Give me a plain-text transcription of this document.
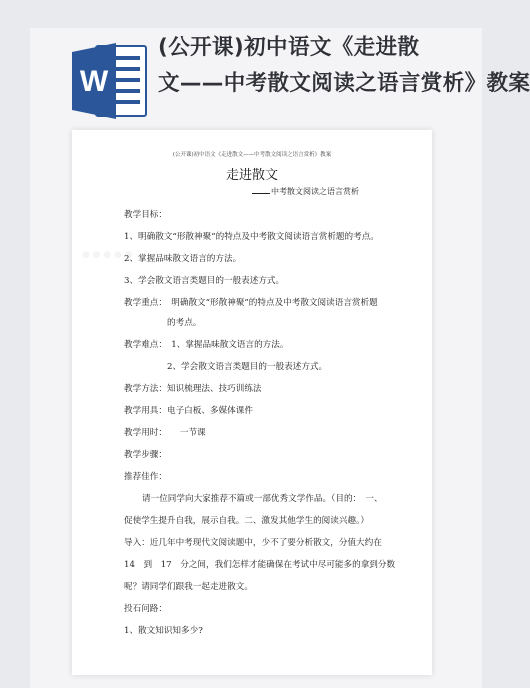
W
(公开课)初中语文《走进散
文——中考散文阅读之语言赏析》教案
● ● ● ● ●
(公开课)初中语文《走进散文——中考散文阅读之语言赏析》教案
走进散文
中考散文阅读之语言赏析
教学目标：
1、明确散文“形散神聚”的特点及中考散文阅读语言赏析题的考点。
2、掌握品味散文语言的方法。
3、学会散文语言类题目的一般表述方式。
教学重点：　明确散文“形散神聚”的特点及中考散文阅读语言赏析题
的考点。
教学难点：　1、掌握品味散文语言的方法。
2、学会散文语言类题目的一般表述方式。
教学方法：知识梳理法、技巧训练法
教学用具：电子白板、多媒体课件
教学用时：　　一节课
教学步骤：
推荐佳作：
请一位同学向大家推荐不篇或一部优秀文学作品。（目的：　一、
促使学生提升自我，展示自我。二、激发其他学生的阅读兴趣。）
导入：近几年中考现代文阅读题中，少不了要分析散文，分值大约在
14　到　17　分之间，我们怎样才能确保在考试中尽可能多的拿到分数
呢？请同学们跟我一起走进散文。
投石问路：
1、散文知识知多少?
